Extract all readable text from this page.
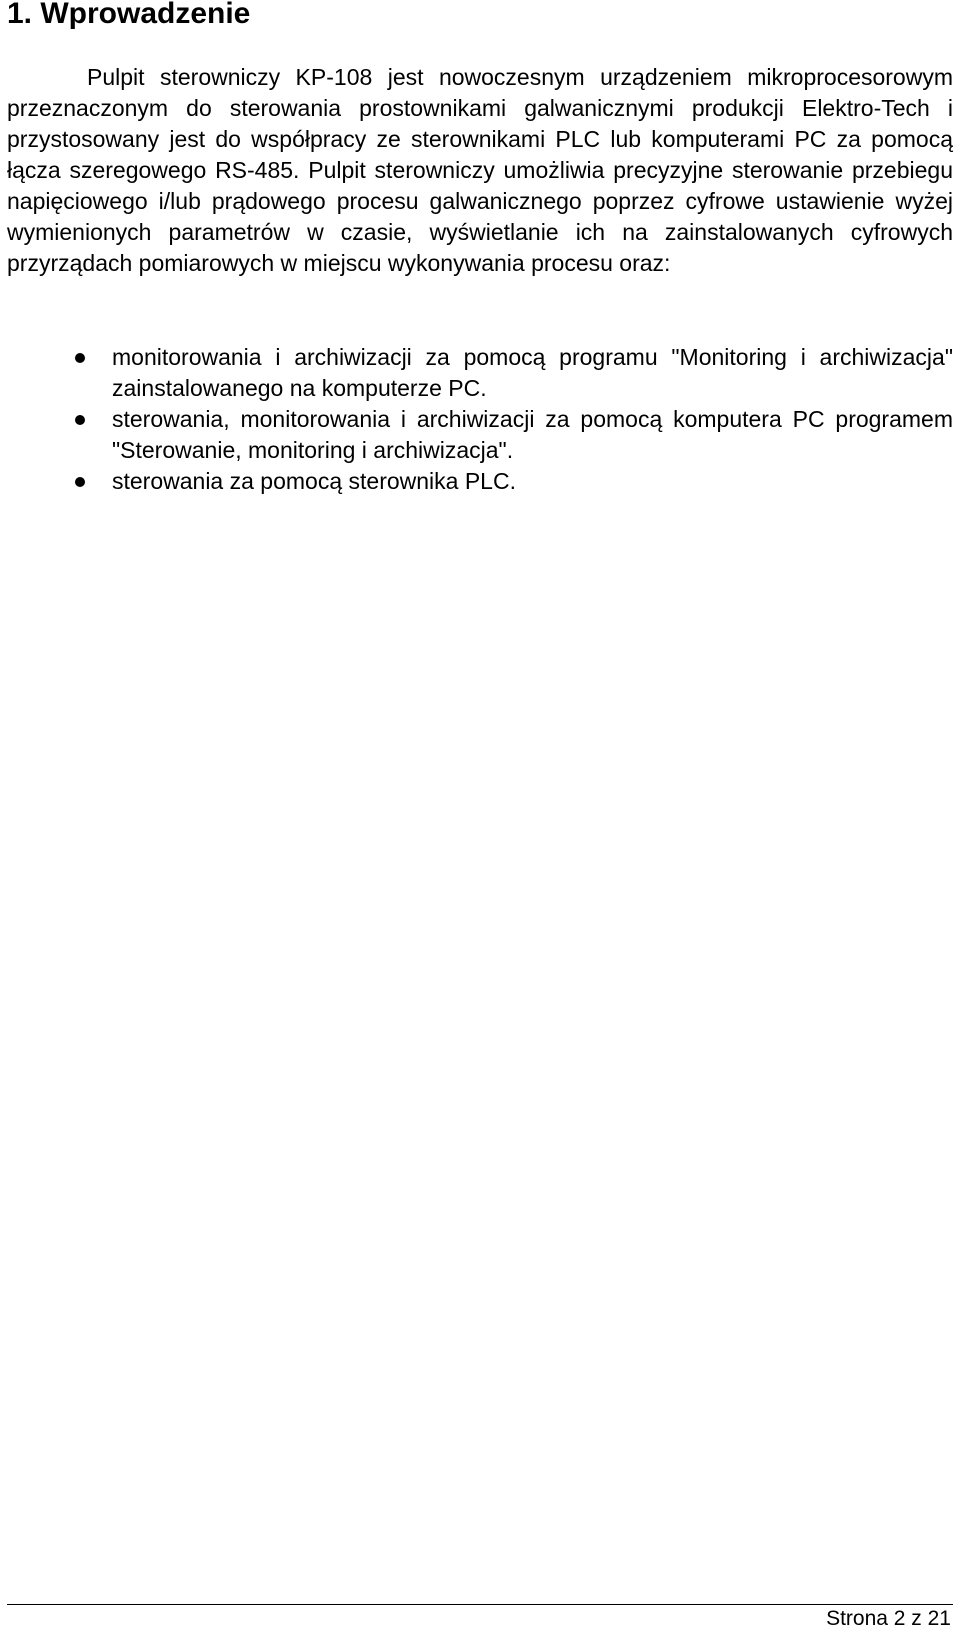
1. Wprowadzenie

Pulpit sterowniczy KP-108 jest nowoczesnym urządzeniem mikroprocesorowym przeznaczonym do sterowania prostownikami galwanicznymi produkcji Elektro-Tech i przystosowany jest do współpracy ze sterownikami PLC lub komputerami PC za pomocą łącza szeregowego RS-485. Pulpit sterowniczy umożliwia precyzyjne sterowanie przebiegu napięciowego i/lub prądowego procesu galwanicznego poprzez cyfrowe ustawienie wyżej wymienionych parametrów w czasie, wyświetlanie ich na zainstalowanych cyfrowych przyrządach pomiarowych w miejscu wykonywania procesu oraz:

monitorowania i archiwizacji za pomocą programu "Monitoring i archiwizacja" zainstalowanego na komputerze PC.
sterowania, monitorowania i archiwizacji za pomocą komputera PC programem "Sterowanie, monitoring i archiwizacja".
sterowania za pomocą sterownika PLC.
Strona 2 z 21
